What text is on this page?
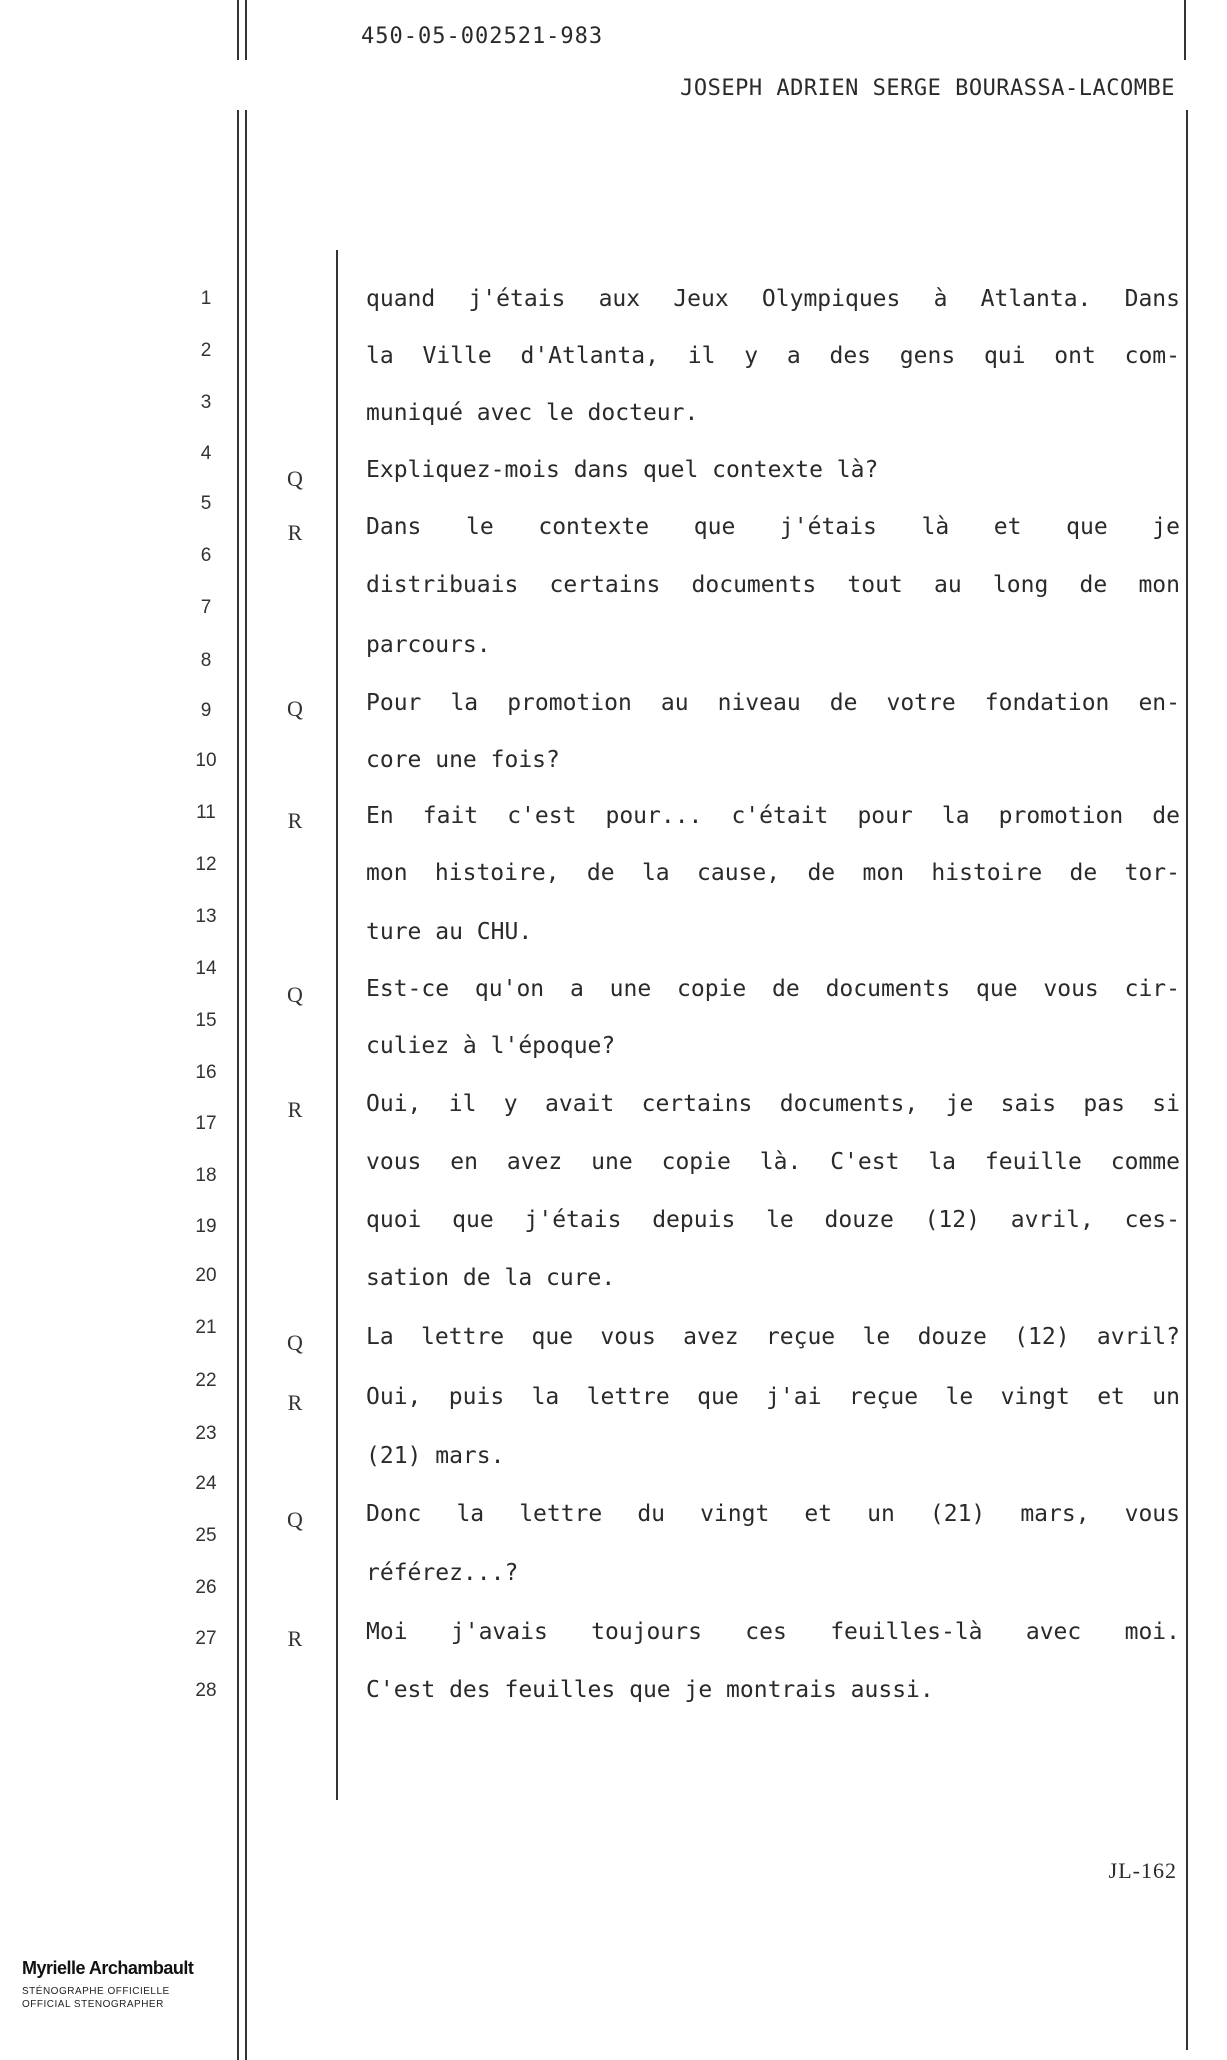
450-05-002521-983
JOSEPH ADRIEN SERGE BOURASSA-LACOMBE
1
2
3
4
5
6
7
8
9
10
11
12
13
14
15
16
17
18
19
20
21
22
23
24
25
26
27
28
Q
R
Q
R
Q
R
Q
R
Q
R
quand j'étais aux Jeux Olympiques à Atlanta. Dans
la Ville d'Atlanta, il y a des gens qui ont com-
muniqué avec le docteur.
Expliquez-mois dans quel contexte là?
Dans le contexte que j'étais là et que je
distribuais certains documents tout au long de mon
parcours.
Pour la promotion au niveau de votre fondation en-
core une fois?
En fait c'est pour... c'était pour la promotion de
mon histoire, de la cause, de mon histoire de tor-
ture au CHU.
Est-ce qu'on a une copie de documents que vous cir-
culiez à l'époque?
Oui, il y avait certains documents, je sais pas si
vous en avez une copie là. C'est la feuille comme
quoi que j'étais depuis le douze (12) avril, ces-
sation de la cure.
La lettre que vous avez reçue le douze (12) avril?
Oui, puis la lettre que j'ai reçue le vingt et un
(21) mars.
Donc la lettre du vingt et un (21) mars, vous
référez...?
Moi j'avais toujours ces feuilles-là avec moi.
C'est des feuilles que je montrais aussi.
JL-162
Myrielle Archambault
STÉNOGRAPHE OFFICIELLE
OFFICIAL STENOGRAPHER
